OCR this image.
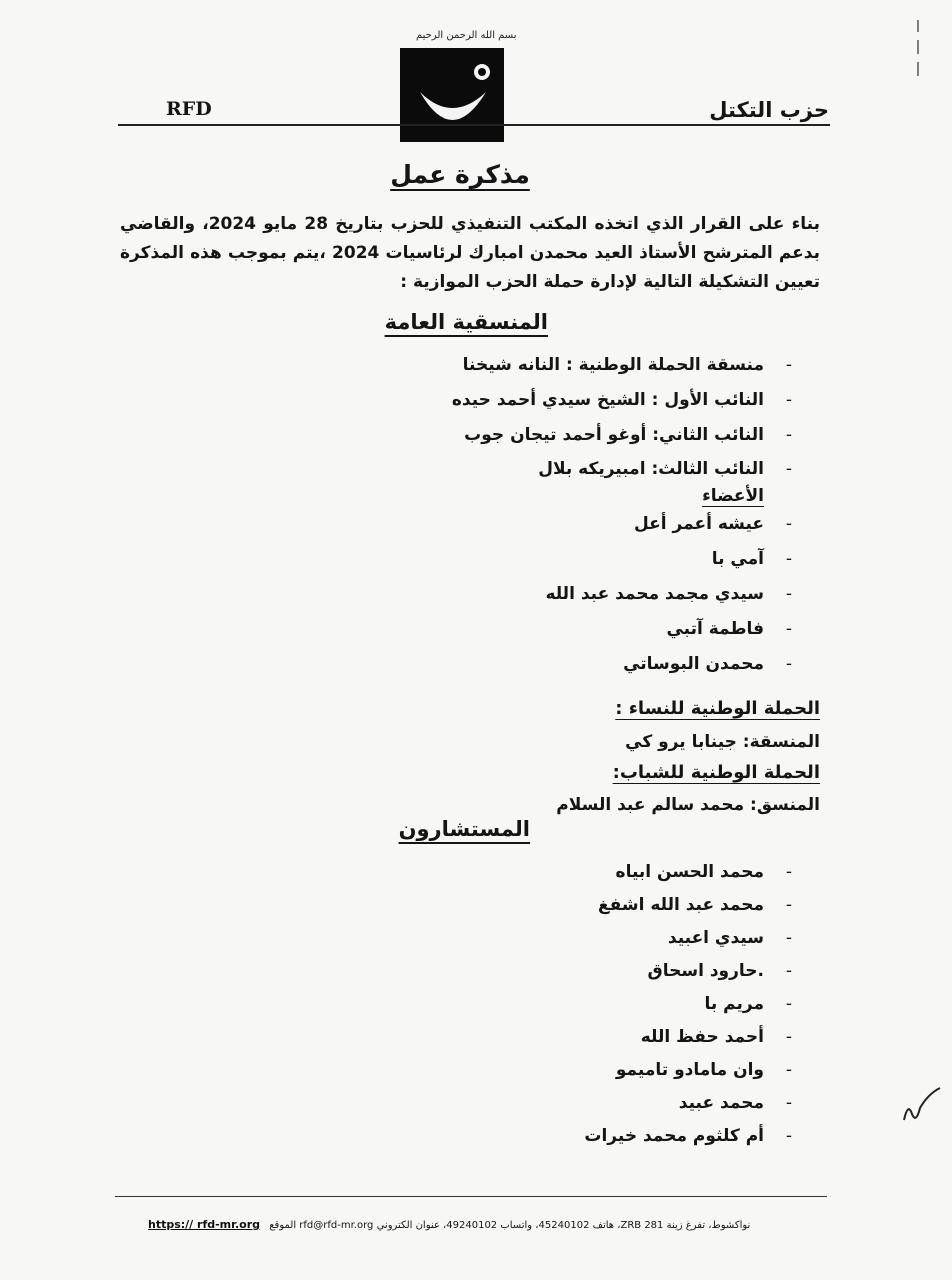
بسم الله الرحمن الرحيم
RFD	حزب التكتل
مذكرة عمل
بناء على القرار الذي اتخذه المكتب التنفيذي للحزب بتاريخ 28 مايو 2024، والقاضي بدعم المترشح الأستاذ العيد محمدن امبارك لرئاسيات 2024 ،يتم بموجب هذه المذكرة تعيين التشكيلة التالية لإدارة حملة الحزب الموازية :
المنسقية العامة
-
منسقة الحملة الوطنية : النانه شيخنا
-
النائب الأول : الشيخ سيدي أحمد حيده
-
النائب الثاني: أوغو أحمد تيجان جوب
-
النائب الثالث: امبيريكه بلال
الأعضاء
-
عيشه أعمر أعل
-
آمي با
-
سيدي مجمد محمد عبد الله
-
فاطمة آتبي
-
محمدن البوساتي
الحملة الوطنية للنساء :
المنسقة: جينابا يرو كي
الحملة الوطنية للشباب:
المنسق: محمد سالم عبد السلام
المستشارون
-
محمد الحسن ابياه
-
محمد عبد الله اشفغ
-
سيدي اعبيد
-
.حارود اسحاق
-
مريم با
-
أحمد حفظ الله
-
وان مامادو تاميمو
-
محمد عبيد
-
أم كلثوم محمد خيرات
https:// rfd-mr.org نواكشوط، تفرغ زينة ZRB 281، هاتف 45240102، واتساب 49240102، عنوان الكتروني rfd@rfd-mr.org الموقع
